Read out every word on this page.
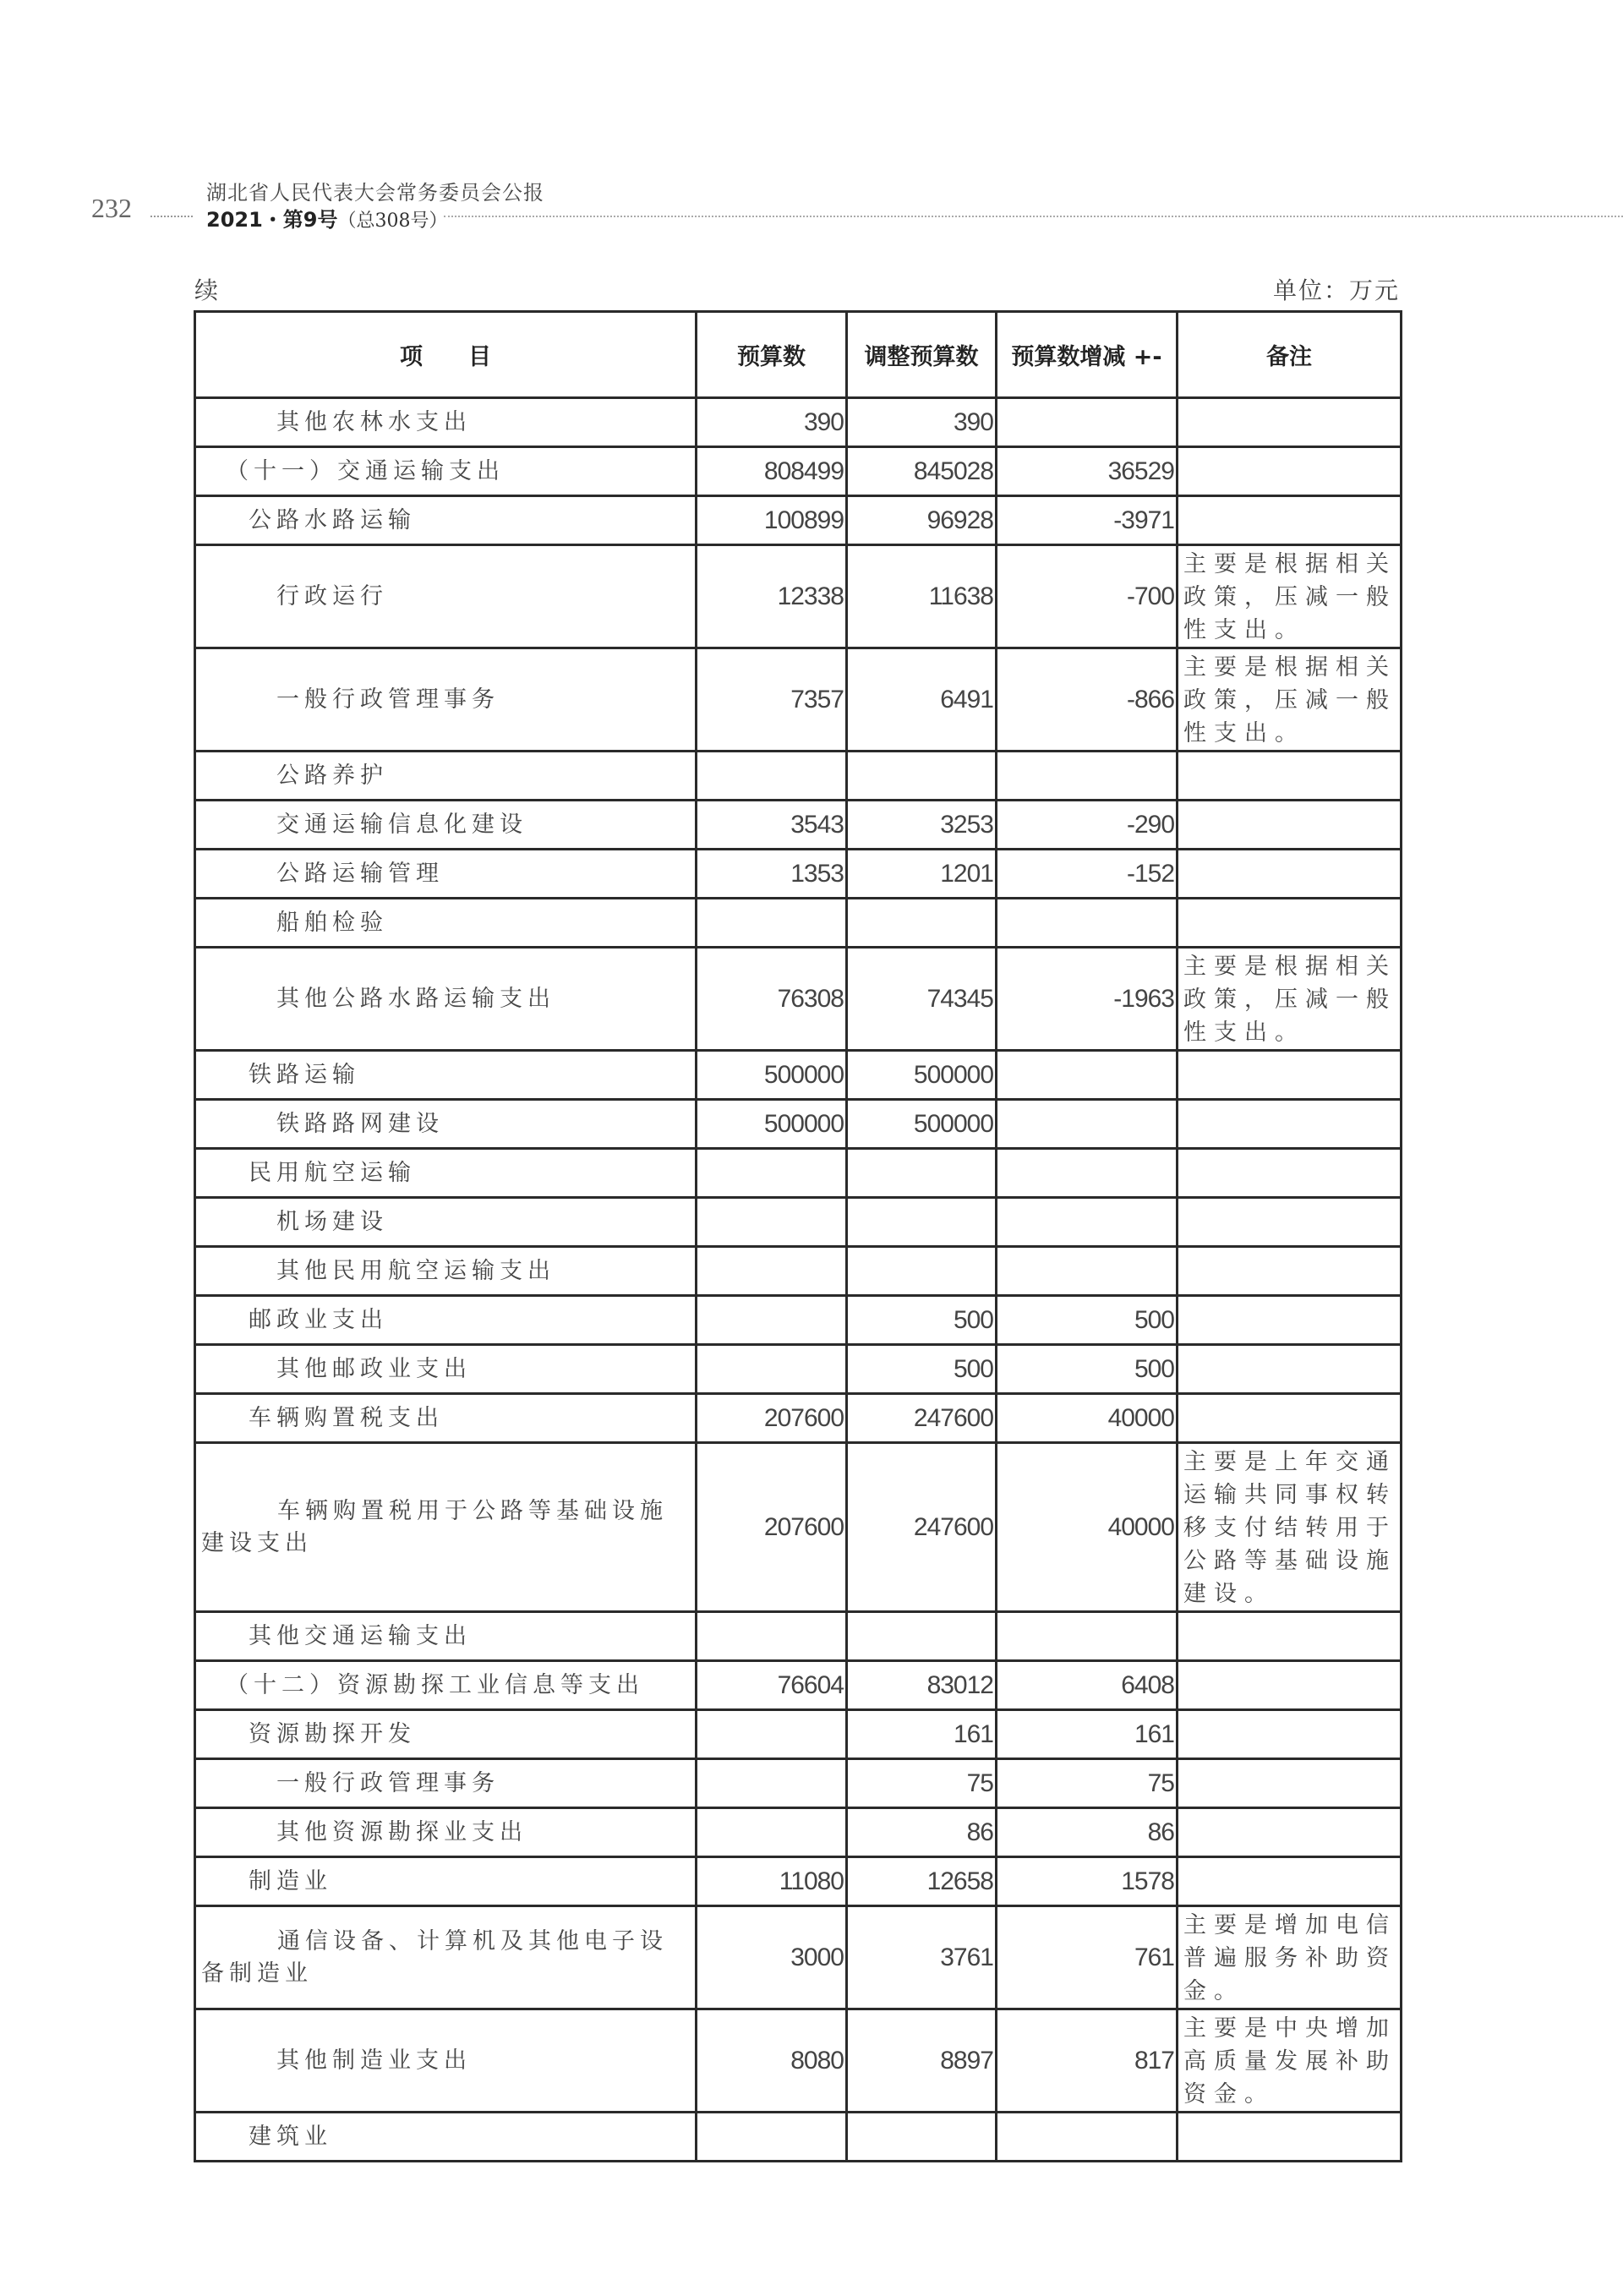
232	湖北省人民代表大会常务委员会公报
2021・第9号（总308号）
续	单位：万元
项　　目	预算数	调整预算数	预算数增减 +-	备注
其他农林水支出	390	390		
（十一）交通运输支出	808499	845028	36529	
公路水路运输	100899	96928	-3971	
行政运行	12338	11638	-700	主要是根据相关政策，压减一般性支出。
一般行政管理事务	7357	6491	-866	主要是根据相关政策，压减一般性支出。
公路养护				
交通运输信息化建设	3543	3253	-290	
公路运输管理	1353	1201	-152	
船舶检验				
其他公路水路运输支出	76308	74345	-1963	主要是根据相关政策，压减一般性支出。
铁路运输	500000	500000		
铁路路网建设	500000	500000		
民用航空运输				
机场建设				
其他民用航空运输支出				
邮政业支出		500	500	
其他邮政业支出		500	500	
车辆购置税支出	207600	247600	40000	
车辆购置税用于公路等基础设施建设支出	207600	247600	40000	主要是上年交通运输共同事权转移支付结转用于公路等基础设施建设。
其他交通运输支出				
（十二）资源勘探工业信息等支出	76604	83012	6408	
资源勘探开发		161	161	
一般行政管理事务		75	75	
其他资源勘探业支出		86	86	
制造业	11080	12658	1578	
通信设备、计算机及其他电子设备制造业	3000	3761	761	主要是增加电信普遍服务补助资金。
其他制造业支出	8080	8897	817	主要是中央增加高质量发展补助资金。
建筑业				
